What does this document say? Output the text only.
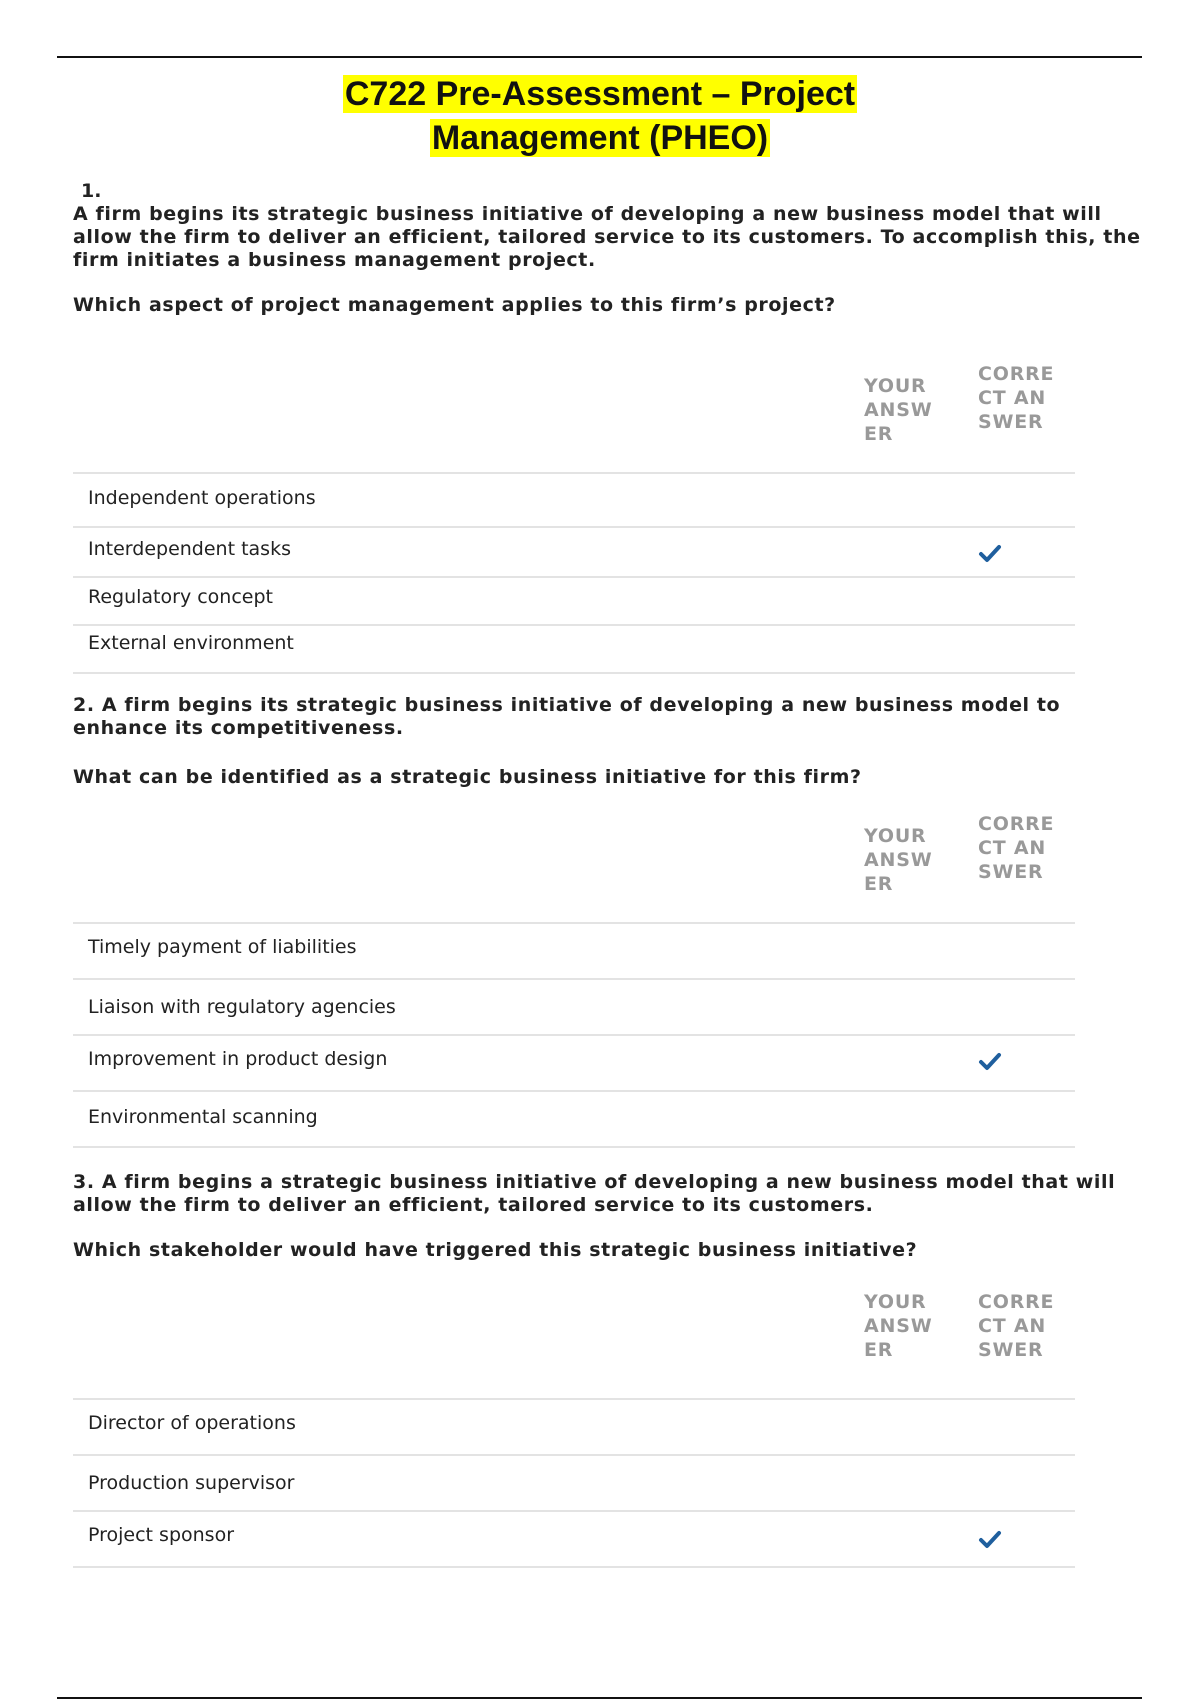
C722 Pre-Assessment – Project
Management (PHEO)
1.
A firm begins its strategic business initiative of developing a new business model that will allow the firm to deliver an efficient, tailored service to its customers. To accomplish this, the firm initiates a business management project.
Which aspect of project management applies to this firm’s project?
YOUR ANSWER
CORRECT ANSWER
Independent operations
Interdependent tasks
Regulatory concept
External environment
2. A firm begins its strategic business initiative of developing a new business model to enhance its competitiveness.
What can be identified as a strategic business initiative for this firm?
YOUR ANSWER
CORRECT ANSWER
Timely payment of liabilities
Liaison with regulatory agencies
Improvement in product design
Environmental scanning
3. A firm begins a strategic business initiative of developing a new business model that will allow the firm to deliver an efficient, tailored service to its customers.
Which stakeholder would have triggered this strategic business initiative?
YOUR ANSWER
CORRECT ANSWER
Director of operations
Production supervisor
Project sponsor
